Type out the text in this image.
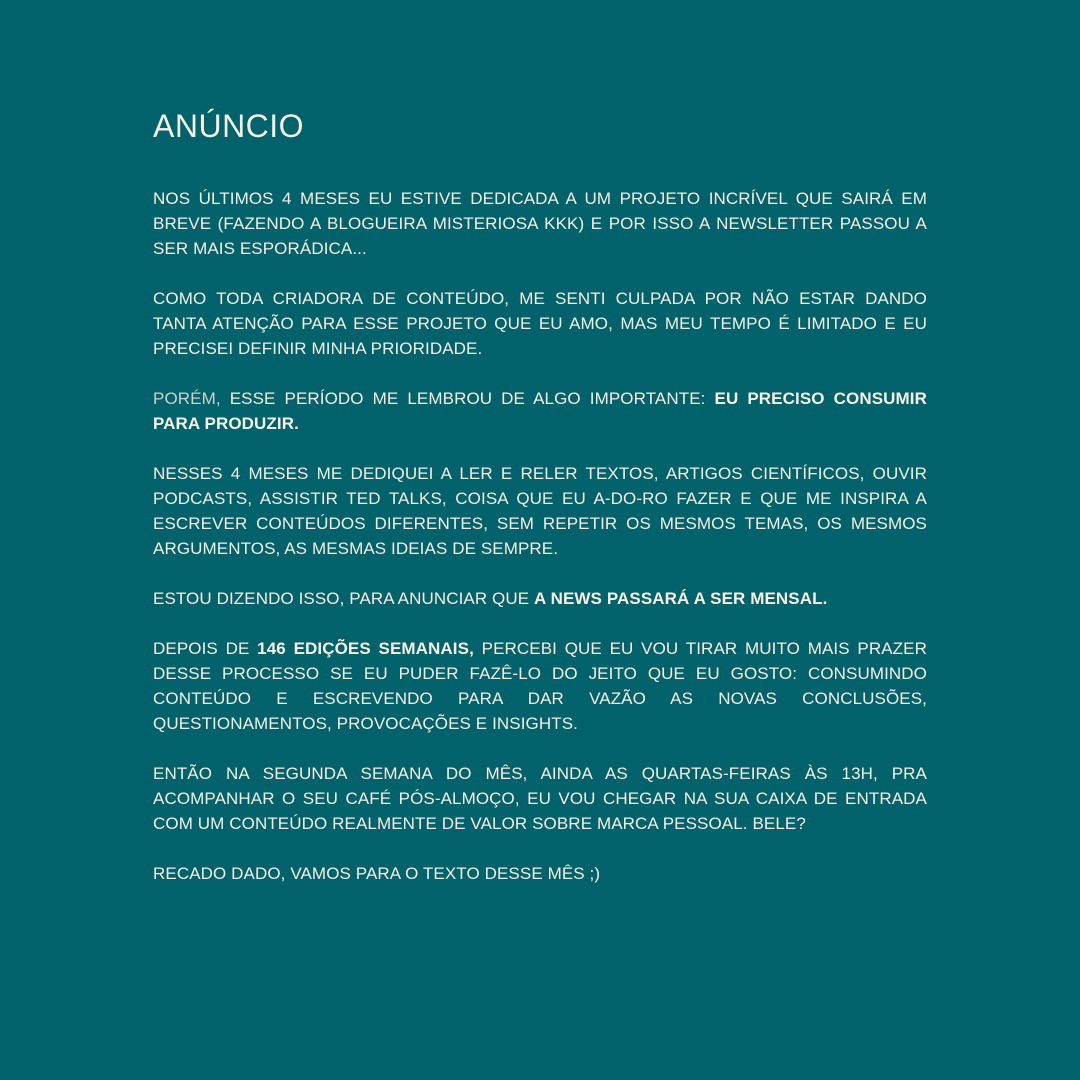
ANÚNCIO

NOS ÚLTIMOS 4 MESES EU ESTIVE DEDICADA A UM PROJETO INCRÍVEL QUE SAIRÁ EM BREVE (FAZENDO A BLOGUEIRA MISTERIOSA KKK) E POR ISSO A NEWSLETTER PASSOU A SER MAIS ESPORÁDICA...

COMO TODA CRIADORA DE CONTEÚDO, ME SENTI CULPADA POR NÃO ESTAR DANDO TANTA ATENÇÃO PARA ESSE PROJETO QUE EU AMO, MAS MEU TEMPO É LIMITADO E EU PRECISEI DEFINIR MINHA PRIORIDADE.

PORÉM, ESSE PERÍODO ME LEMBROU DE ALGO IMPORTANTE: EU PRECISO CONSUMIR PARA PRODUZIR.

NESSES 4 MESES ME DEDIQUEI A LER E RELER TEXTOS, ARTIGOS CIENTÍFICOS, OUVIR PODCASTS, ASSISTIR TED TALKS, COISA QUE EU A-DO-RO FAZER E QUE ME INSPIRA A ESCREVER CONTEÚDOS DIFERENTES, SEM REPETIR OS MESMOS TEMAS, OS MESMOS ARGUMENTOS, AS MESMAS IDEIAS DE SEMPRE.

ESTOU DIZENDO ISSO, PARA ANUNCIAR QUE A NEWS PASSARÁ A SER MENSAL.

DEPOIS DE 146 EDIÇÕES SEMANAIS, PERCEBI QUE EU VOU TIRAR MUITO MAIS PRAZER DESSE PROCESSO SE EU PUDER FAZÊ-LO DO JEITO QUE EU GOSTO: CONSUMINDO CONTEÚDO E ESCREVENDO PARA DAR VAZÃO AS NOVAS CONCLUSÕES, QUESTIONAMENTOS, PROVOCAÇÕES E INSIGHTS.

ENTÃO NA SEGUNDA SEMANA DO MÊS, AINDA AS QUARTAS-FEIRAS ÀS 13H, PRA ACOMPANHAR O SEU CAFÉ PÓS-ALMOÇO, EU VOU CHEGAR NA SUA CAIXA DE ENTRADA COM UM CONTEÚDO REALMENTE DE VALOR SOBRE MARCA PESSOAL. BELE?

RECADO DADO, VAMOS PARA O TEXTO DESSE MÊS ;)
